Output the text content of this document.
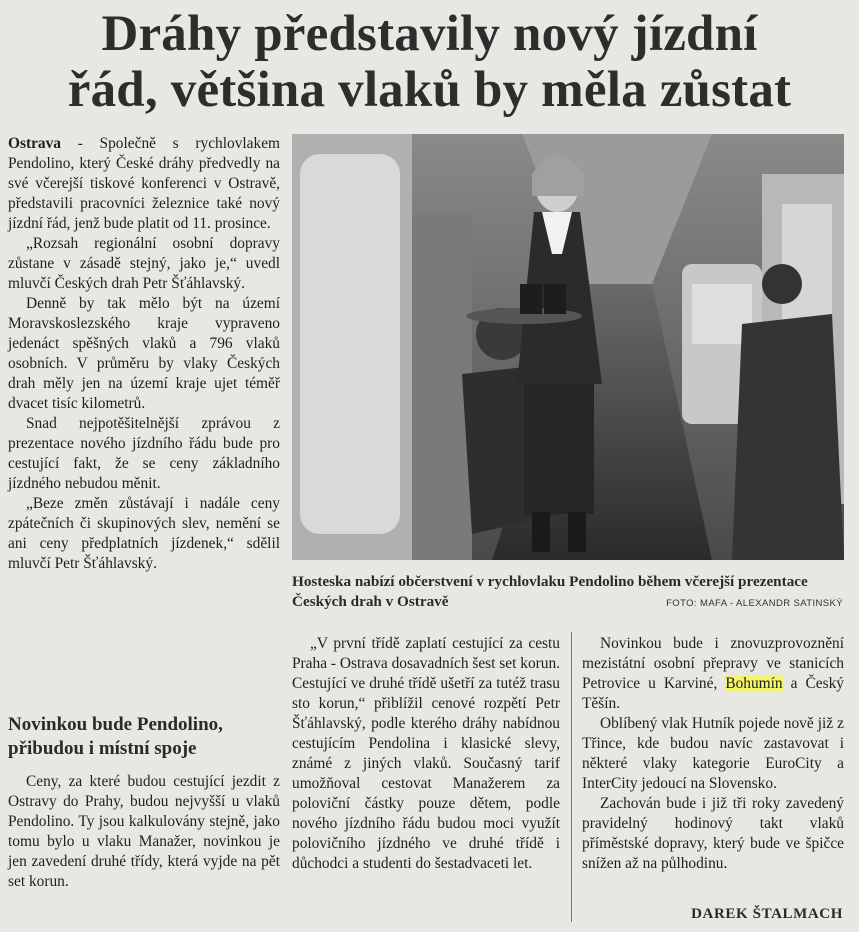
Dráhy představily nový jízdní
řád, většina vlaků by měla zůstat

Ostrava - Společně s rychlovlakem Pendolino, který České dráhy předvedly na své včerejší tiskové konferenci v Ostravě, představili pracovníci železnice také nový jízdní řád, jenž bude platit od 11. prosince.

„Rozsah regionální osobní dopravy zůstane v zásadě stejný, jako je,“ uvedl mluvčí Českých drah Petr Šťáhlavský.

Denně by tak mělo být na území Moravskoslezského kraje vypraveno jedenáct spěšných vlaků a 796 vlaků osobních. V průměru by vlaky Českých drah měly jen na území kraje ujet téměř dvacet tisíc kilometrů.

Snad nejpotěšitelnější zprávou z prezentace nového jízdního řádu bude pro cestující fakt, že se ceny základního jízdného nebudou měnit.

„Beze změn zůstávají i nadále ceny zpátečních či skupinových slev, nemění se ani ceny předplatních jízdenek,“ sdělil mluvčí Petr Šťáhlavský.

Novinkou bude Pendolino,
přibudou i místní spoje

Ceny, za které budou cestující jezdit z Ostravy do Prahy, budou nejvyšší u vlaků Pendolino. Ty jsou kalkulovány stejně, jako tomu bylo u vlaku Manažer, novinkou je jen zavedení druhé třídy, která vyjde na pět set korun.

Hosteska nabízí občerstvení v rychlovlaku Pendolino během včerejší prezentace Českých drah v Ostravě	FOTO: MAFA - ALEXANDR SATINSKÝ

„V první třídě zaplatí cestující za cestu Praha - Ostrava dosavadních šest set korun. Cestující ve druhé třídě ušetří za tutéž trasu sto korun,“ přiblížil cenové rozpětí Petr Šťáhlavský, podle kterého dráhy nabídnou cestujícím Pendolina i klasické slevy, známé z jiných vlaků. Současný tarif umožňoval cestovat Manažerem za poloviční částky pouze dětem, podle nového jízdního řádu budou moci využít polovičního jízdného ve druhé třídě i důchodci a studenti do šestadvaceti let.

Novinkou bude i znovuzprovoznění mezistátní osobní přepravy ve stanicích Petrovice u Karviné, Bohumín a Český Těšín.

Oblíbený vlak Hutník pojede nově již z Třince, kde budou navíc zastavovat i některé vlaky kategorie EuroCity a InterCity jedoucí na Slovensko.

Zachován bude i již tři roky zavedený pravidelný hodinový takt vlaků příměstské dopravy, který bude ve špičce snížen až na půlhodinu.

DAREK ŠTALMACH
